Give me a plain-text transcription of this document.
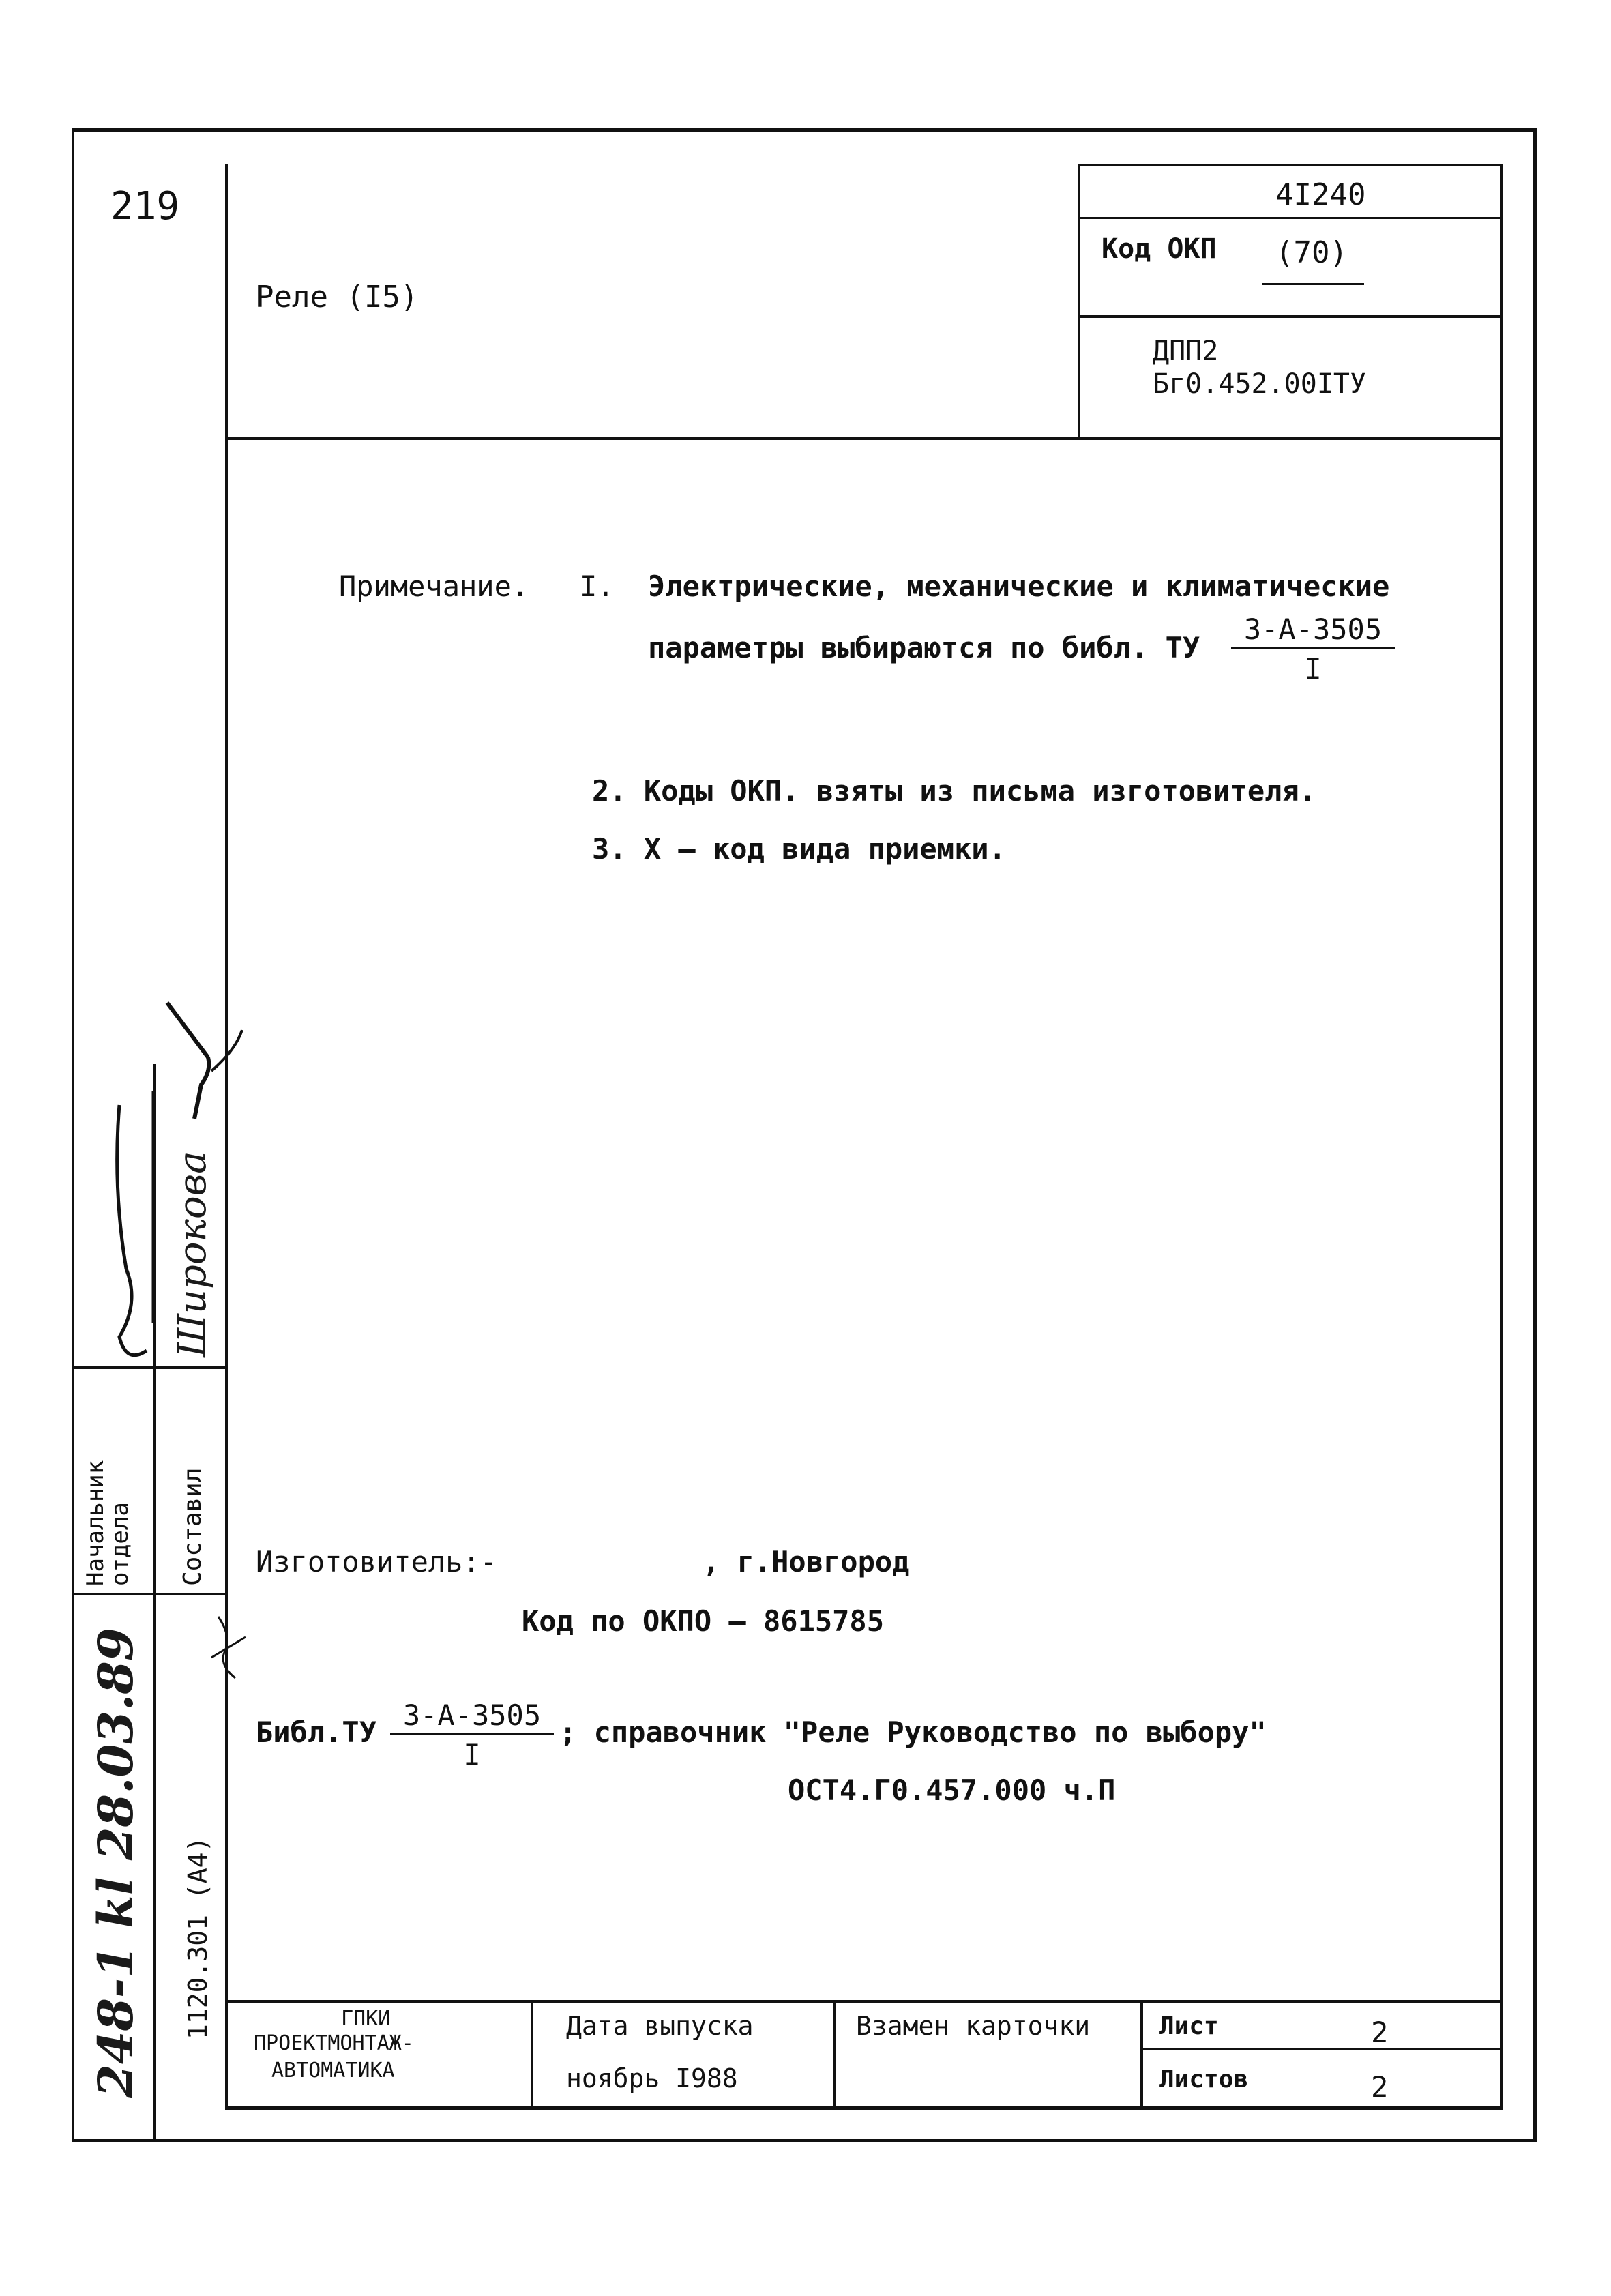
219
Реле (I5)
4I240
Код ОКП (70)
ДПП2
Бг0.452.00IТУ
Примечание. I. Электрические, механические и климатические
параметры выбираются по библ. ТУ
3-А-3505
I
2. Коды ОКП. взяты из письма изготовителя.
3. Х – код вида приемки.
Изготовитель:-	, г.Новгород
Код по ОКПО – 8615785
Библ.ТУ
3-А-3505
I
; справочник "Реле Руководство по выбору"
ОСТ4.Г0.457.000 ч.П
ГПКИ
ПРОЕКТМОНТАЖ-
АВТОМАТИКА
Дата выпуска
ноябрь I988
Взамен карточки	Лист	2
Листов	2
Начальник отдела Составил
Широкова
1120.301 (А4)
248-1 kl 28.03.89
